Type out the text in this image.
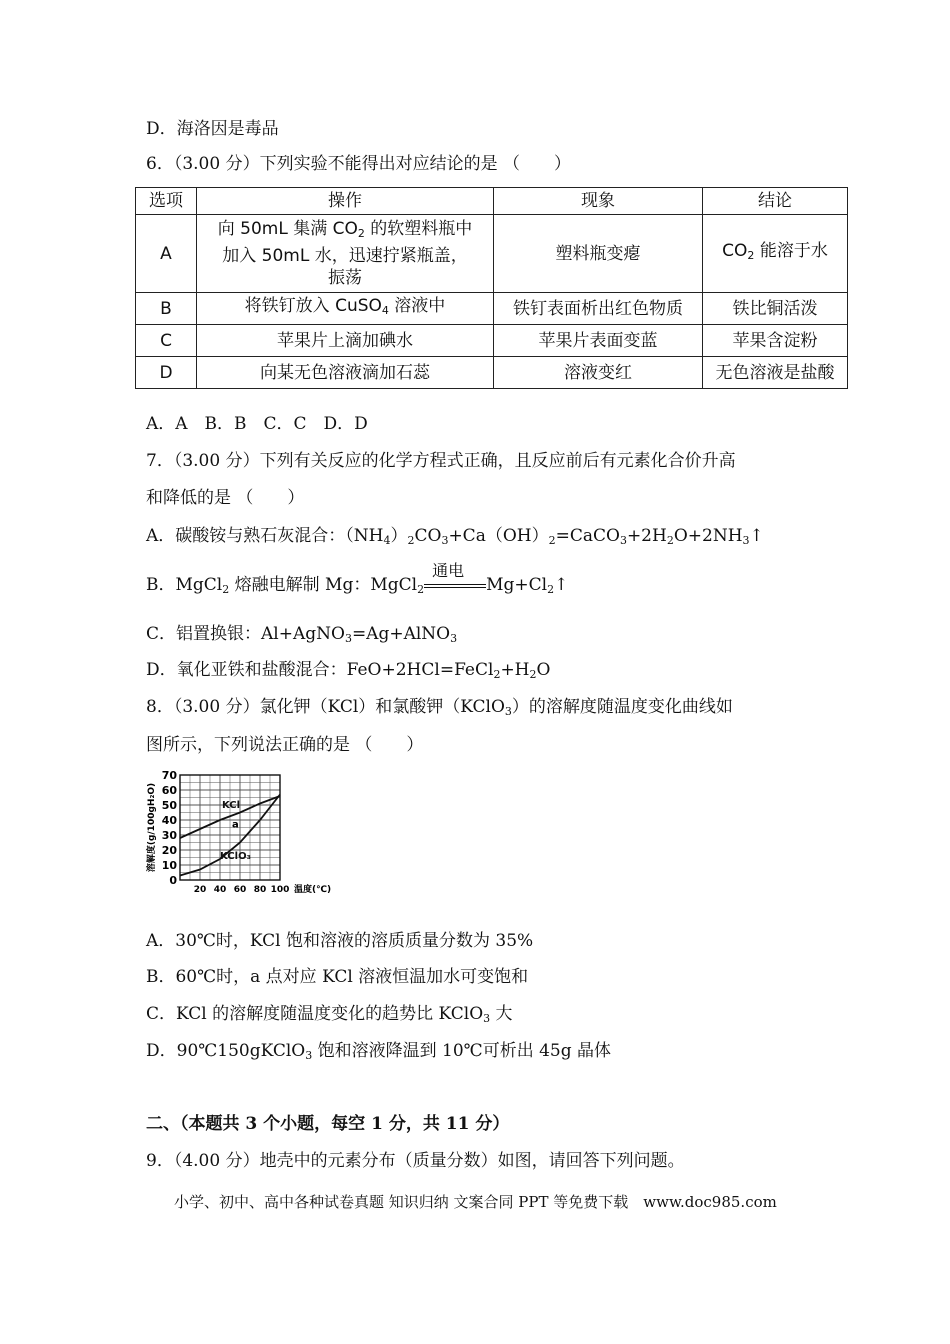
D．海洛因是毒品
6．（3.00 分）下列实验不能得出对应结论的是 （　　）
选项	操作	现象	结论
A	向 50mL 集满 $CO_2$ 的软塑料瓶中
加入 50mL 水，迅速拧紧瓶盖，
振荡	塑料瓶变瘪	$CO_2$ 能溶于水
B	将铁钉放入 CuSO$_4$ 溶液中	铁钉表面析出红色物质	铁比铜活泼
C	苹果片上滴加碘水	苹果片表面变蓝	苹果含淀粉
D	向某无色溶液滴加石蕊	溶液变红	无色溶液是盐酸
A．A　B．B　C．C　D．D
7．（3.00 分）下列有关反应的化学方程式正确，且反应前后有元素化合价升高
和降低的是 （　　）
A．碳酸铵与熟石灰混合：$(NH_4)_2CO_3+Ca(OH)_2=CaCO_3+2H_2O+2NH_3↑$
B．MgCl$_2$ 熔融电解制 Mg：MgCl$_2$
通电
$Mg+Cl_2↑$
C．铝置换银：Al+AgNO$_3$=Ag+AlNO$_3$
D．氧化亚铁和盐酸混合：$FeO+2HCl=FeCl_2+H_2O$
8．（3.00 分）氯化钾（KCl）和氯酸钾（KClO$_3$）的溶解度随温度变化曲线如
图所示，下列说法正确的是 （　　）
0
10
20
30
40
50
60
70
20 40 60 80 100 温度(℃)
溶解度(g/100gH₂O)	KCl
KClO₃
a
A．30℃时，KCl 饱和溶液的溶质质量分数为 35%
B．60℃时，a 点对应 KCl 溶液恒温加水可变饱和
C．KCl 的溶解度随温度变化的趋势比 KClO$_3$ 大
D．90℃150gKClO$_3$ 饱和溶液降温到 10℃可析出 45g 晶体
二、（本题共 3 个小题，每空 1 分，共 11 分）
9．（4.00 分）地壳中的元素分布（质量分数）如图，请回答下列问题。
小学、初中、高中各种试卷真题 知识归纳 文案合同 PPT 等免费下载　www.doc985.com
